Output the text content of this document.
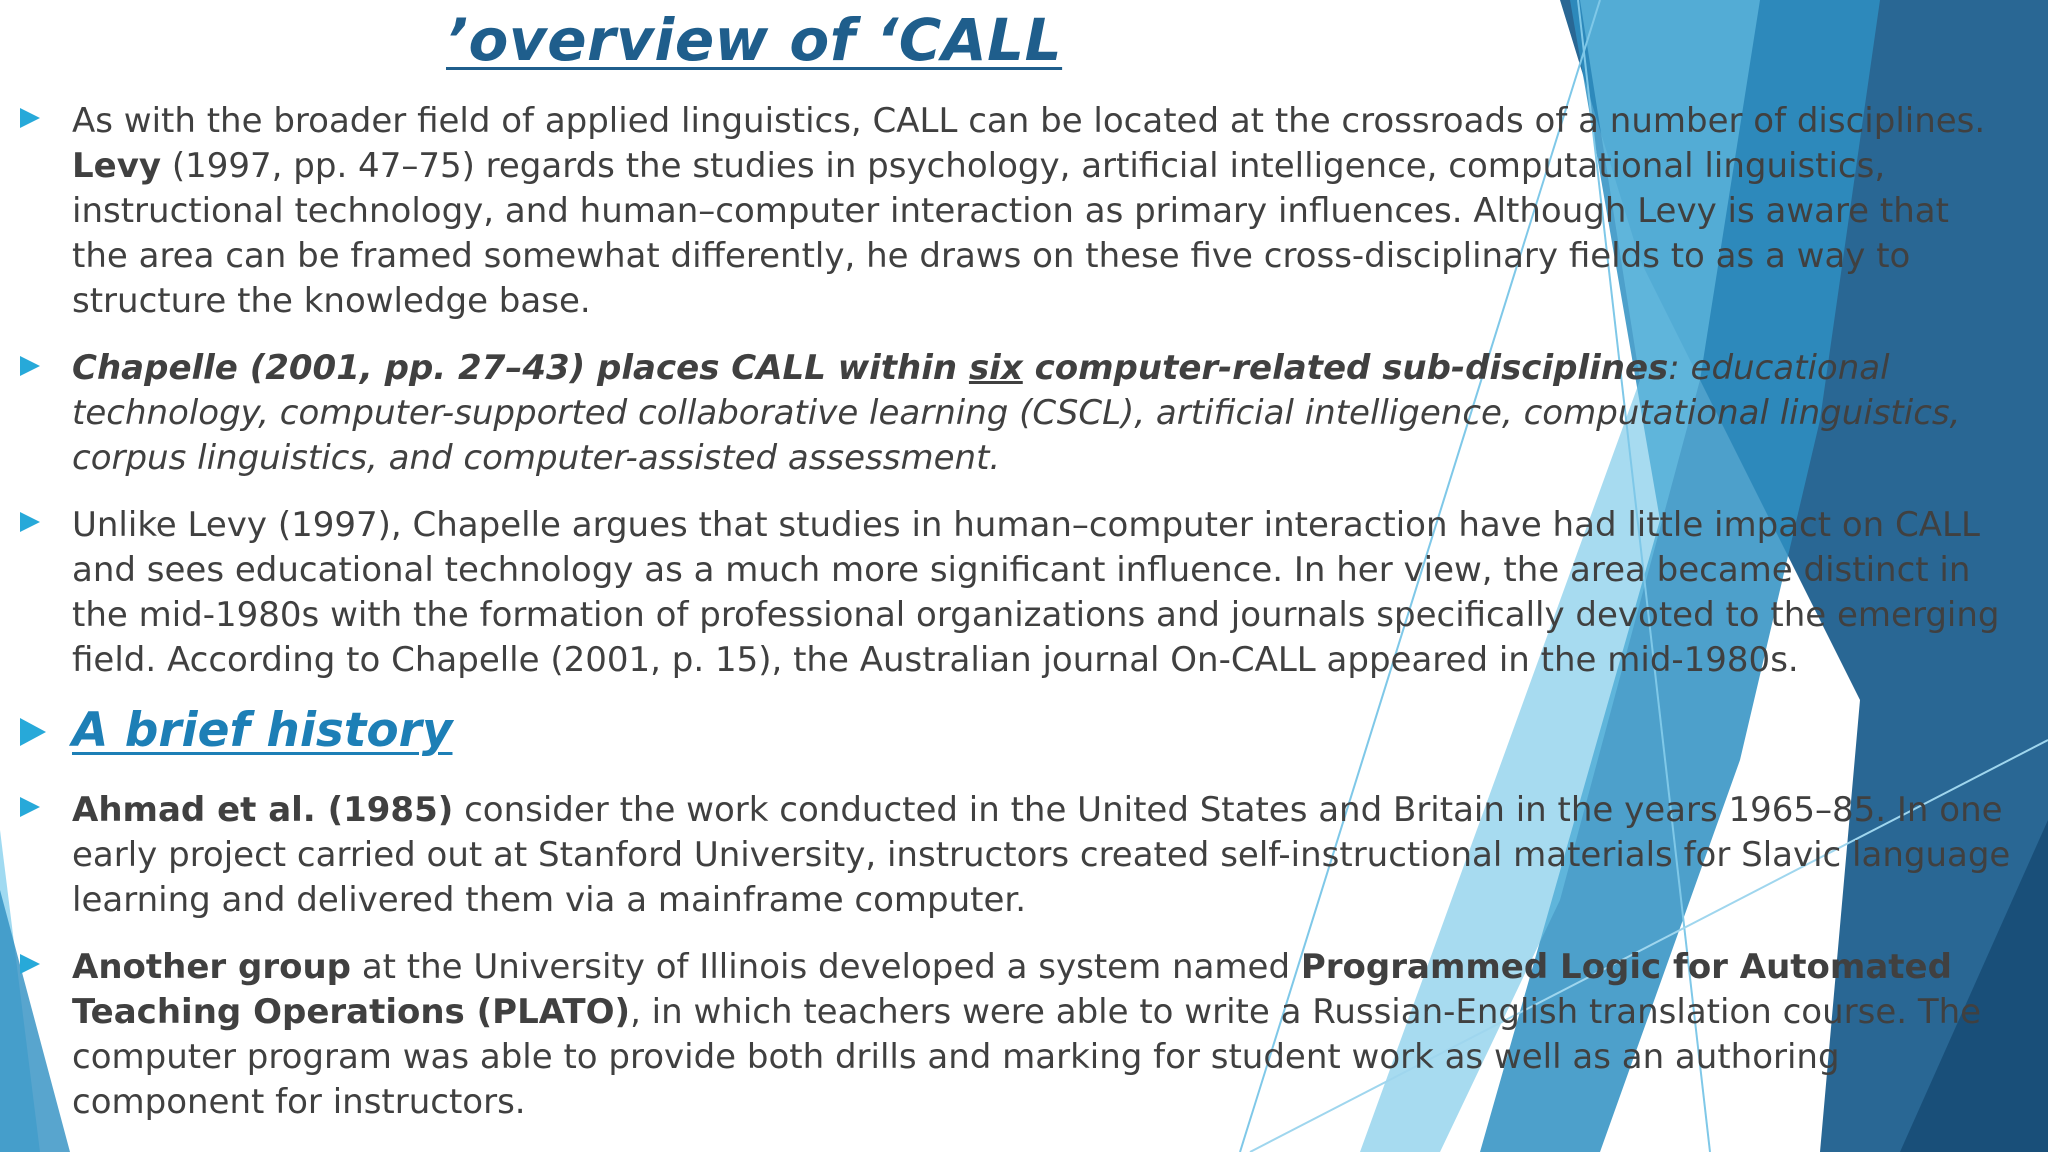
’overview of ‘CALL

As with the broader field of applied linguistics, CALL can be located at the crossroads of a number of disciplines. Levy (1997, pp. 47–75) regards the studies in psychology, artificial intelligence, computational linguistics, instructional technology, and human–computer interaction as primary influences. Although Levy is aware that the area can be framed somewhat differently, he draws on these five cross-disciplinary fields to as a way to structure the knowledge base.

Chapelle (2001, pp. 27–43) places CALL within six computer-related sub-disciplines: educational technology, computer-supported collaborative learning (CSCL), artificial intelligence, computational linguistics, corpus linguistics, and computer-assisted assessment.

Unlike Levy (1997), Chapelle argues that studies in human–computer interaction have had little impact on CALL and sees educational technology as a much more significant influence. In her view, the area became distinct in the mid-1980s with the formation of professional organizations and journals specifically devoted to the emerging field. According to Chapelle (2001, p. 15), the Australian journal On-CALL appeared in the mid-1980s.

A brief history

Ahmad et al. (1985) consider the work conducted in the United States and Britain in the years 1965–85. In one early project carried out at Stanford University, instructors created self-instructional materials for Slavic language learning and delivered them via a mainframe computer.

Another group at the University of Illinois developed a system named Programmed Logic for Automated Teaching Operations (PLATO), in which teachers were able to write a Russian-English translation course. The computer program was able to provide both drills and marking for student work as well as an authoring component for instructors.
